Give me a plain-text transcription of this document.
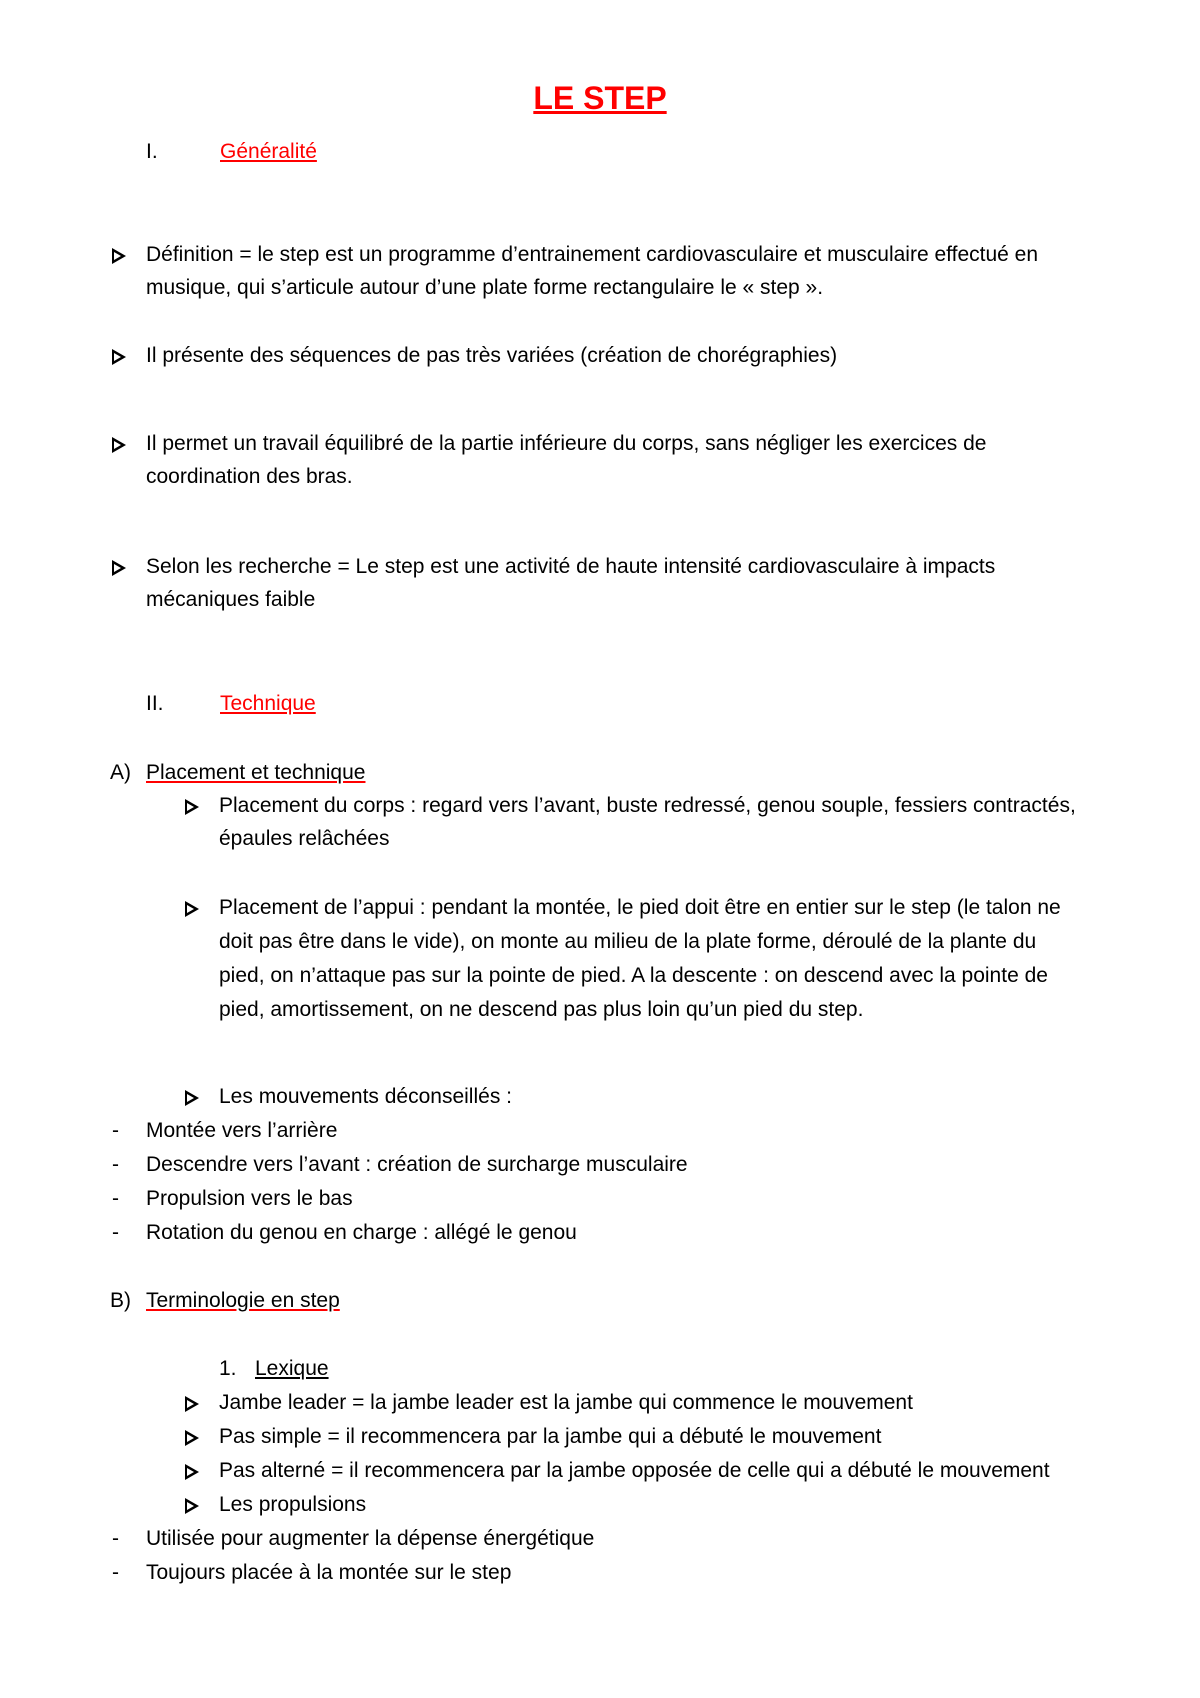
LE STEP
I.	Généralité
Définition = le step est un programme d’entrainement cardiovasculaire et musculaire effectué en
musique, qui s’articule autour d’une plate forme rectangulaire le « step ».
Il présente des séquences de pas très variées (création de chorégraphies)
Il permet un travail équilibré de la partie inférieure du corps, sans négliger les exercices de
coordination des bras.
Selon les recherche = Le step est une activité de haute intensité cardiovasculaire à impacts
mécaniques faible
II.	Technique
A) Placement et technique
Placement du corps : regard vers l’avant, buste redressé, genou souple, fessiers contractés,
épaules relâchées
Placement de l’appui : pendant la montée, le pied doit être en entier sur le step (le talon ne
doit pas être dans le vide), on monte au milieu de la plate forme, déroulé de la plante du
pied, on n’attaque pas sur la pointe de pied. A la descente : on descend avec la pointe de
pied, amortissement, on ne descend pas plus loin qu’un pied du step.
Les mouvements déconseillés :
- Montée vers l’arrière
- Descendre vers l’avant : création de surcharge musculaire
- Propulsion vers le bas
- Rotation du genou en charge : allégé le genou
B) Terminologie en step
1. Lexique
Jambe leader = la jambe leader est la jambe qui commence le mouvement
Pas simple = il recommencera par la jambe qui a débuté le mouvement
Pas alterné = il recommencera par la jambe opposée de celle qui a débuté le mouvement
Les propulsions
- Utilisée pour augmenter la dépense énergétique
- Toujours placée à la montée sur le step
